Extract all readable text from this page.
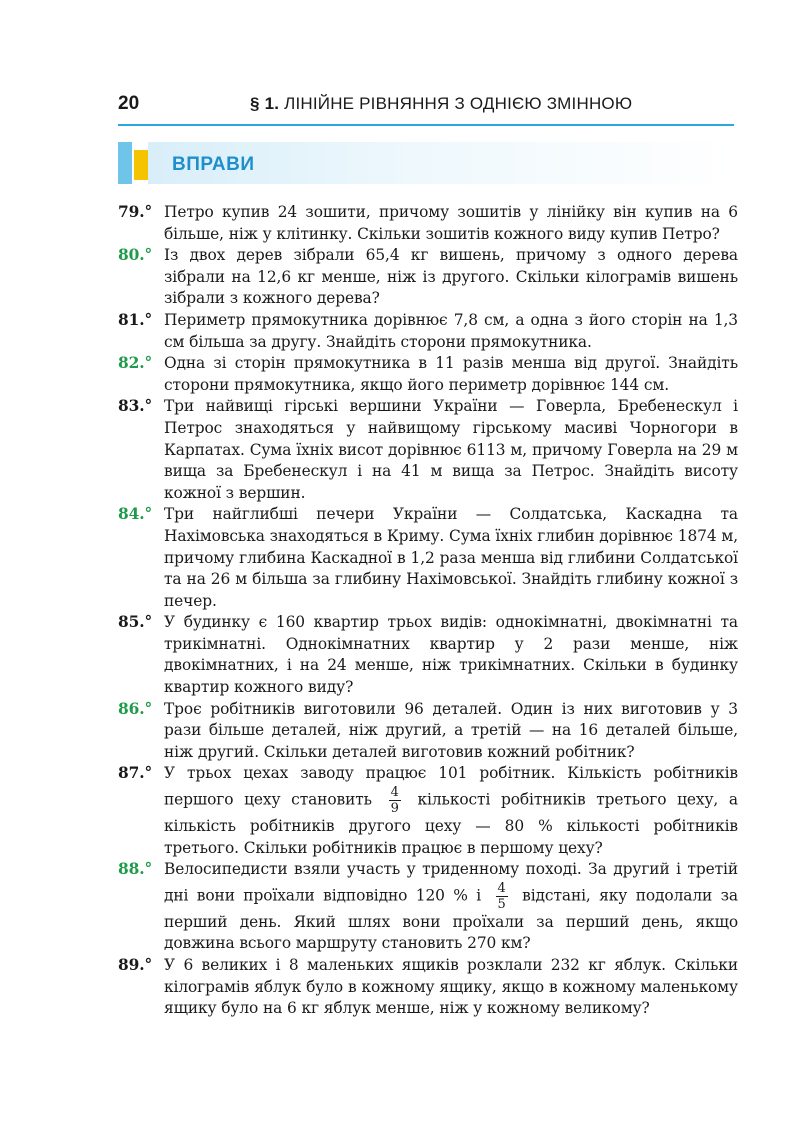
20	§ 1. ЛІНІЙНЕ РІВНЯННЯ З ОДНІЄЮ ЗМІННОЮ
ВПРАВИ
79.° Петро купив 24 зошити, причому зошитів у лінійку він купив на 6 більше, ніж у клітинку. Скільки зошитів кожного виду купив Петро?
80.° Із двох дерев зібрали 65,4 кг вишень, причому з одного дерева зібрали на 12,6 кг менше, ніж із другого. Скільки кілограмів вишень зібрали з кожного дерева?
81.° Периметр прямокутника дорівнює 7,8 см, а одна з його сторін на 1,3 см більша за другу. Знайдіть сторони прямокутника.
82.° Одна зі сторін прямокутника в 11 разів менша від другої. Знайдіть сторони прямокутника, якщо його периметр дорівнює 144 см.
83.° Три найвищі гірські вершини України — Говерла, Бребенескул і Петрос знаходяться у найвищому гірському масиві Чорногори в Карпатах. Сума їхніх висот дорівнює 6113 м, причому Говерла на 29 м вища за Бребенескул і на 41 м вища за Петрос. Знайдіть висоту кожної з вершин.
84.° Три найглибші печери України — Солдатська, Каскадна та Нахімовська знаходяться в Криму. Сума їхніх глибин дорівнює 1874 м, причому глибина Каскадної в 1,2 раза менша від глибини Солдатської та на 26 м більша за глибину Нахімовської. Знайдіть глибину кожної з печер.
85.° У будинку є 160 квартир трьох видів: однокімнатні, двокімнатні та трикімнатні. Однокімнатних квартир у 2 рази менше, ніж двокімнатних, і на 24 менше, ніж трикімнатних. Скільки в будинку квартир кожного виду?
86.° Троє робітників виготовили 96 деталей. Один із них виготовив у 3 рази більше деталей, ніж другий, а третій — на 16 деталей більше, ніж другий. Скільки деталей виготовив кожний робітник?
87.° У трьох цехах заводу працює 101 робітник. Кількість робітників першого цеху становить $\frac{4}{9}$ кількості робітників третього цеху, а кількість робітників другого цеху — 80 % кількості робітників третього. Скільки робітників працює в першому цеху?
88.° Велосипедисти взяли участь у триденному поході. За другий і третій дні вони проїхали відповідно 120 % і $\frac{4}{5}$ відстані, яку подолали за перший день. Який шлях вони проїхали за перший день, якщо довжина всього маршруту становить 270 км?
89.° У 6 великих і 8 маленьких ящиків розклали 232 кг яблук. Скільки кілограмів яблук було в кожному ящику, якщо в кожному маленькому ящику було на 6 кг яблук менше, ніж у кожному великому?
